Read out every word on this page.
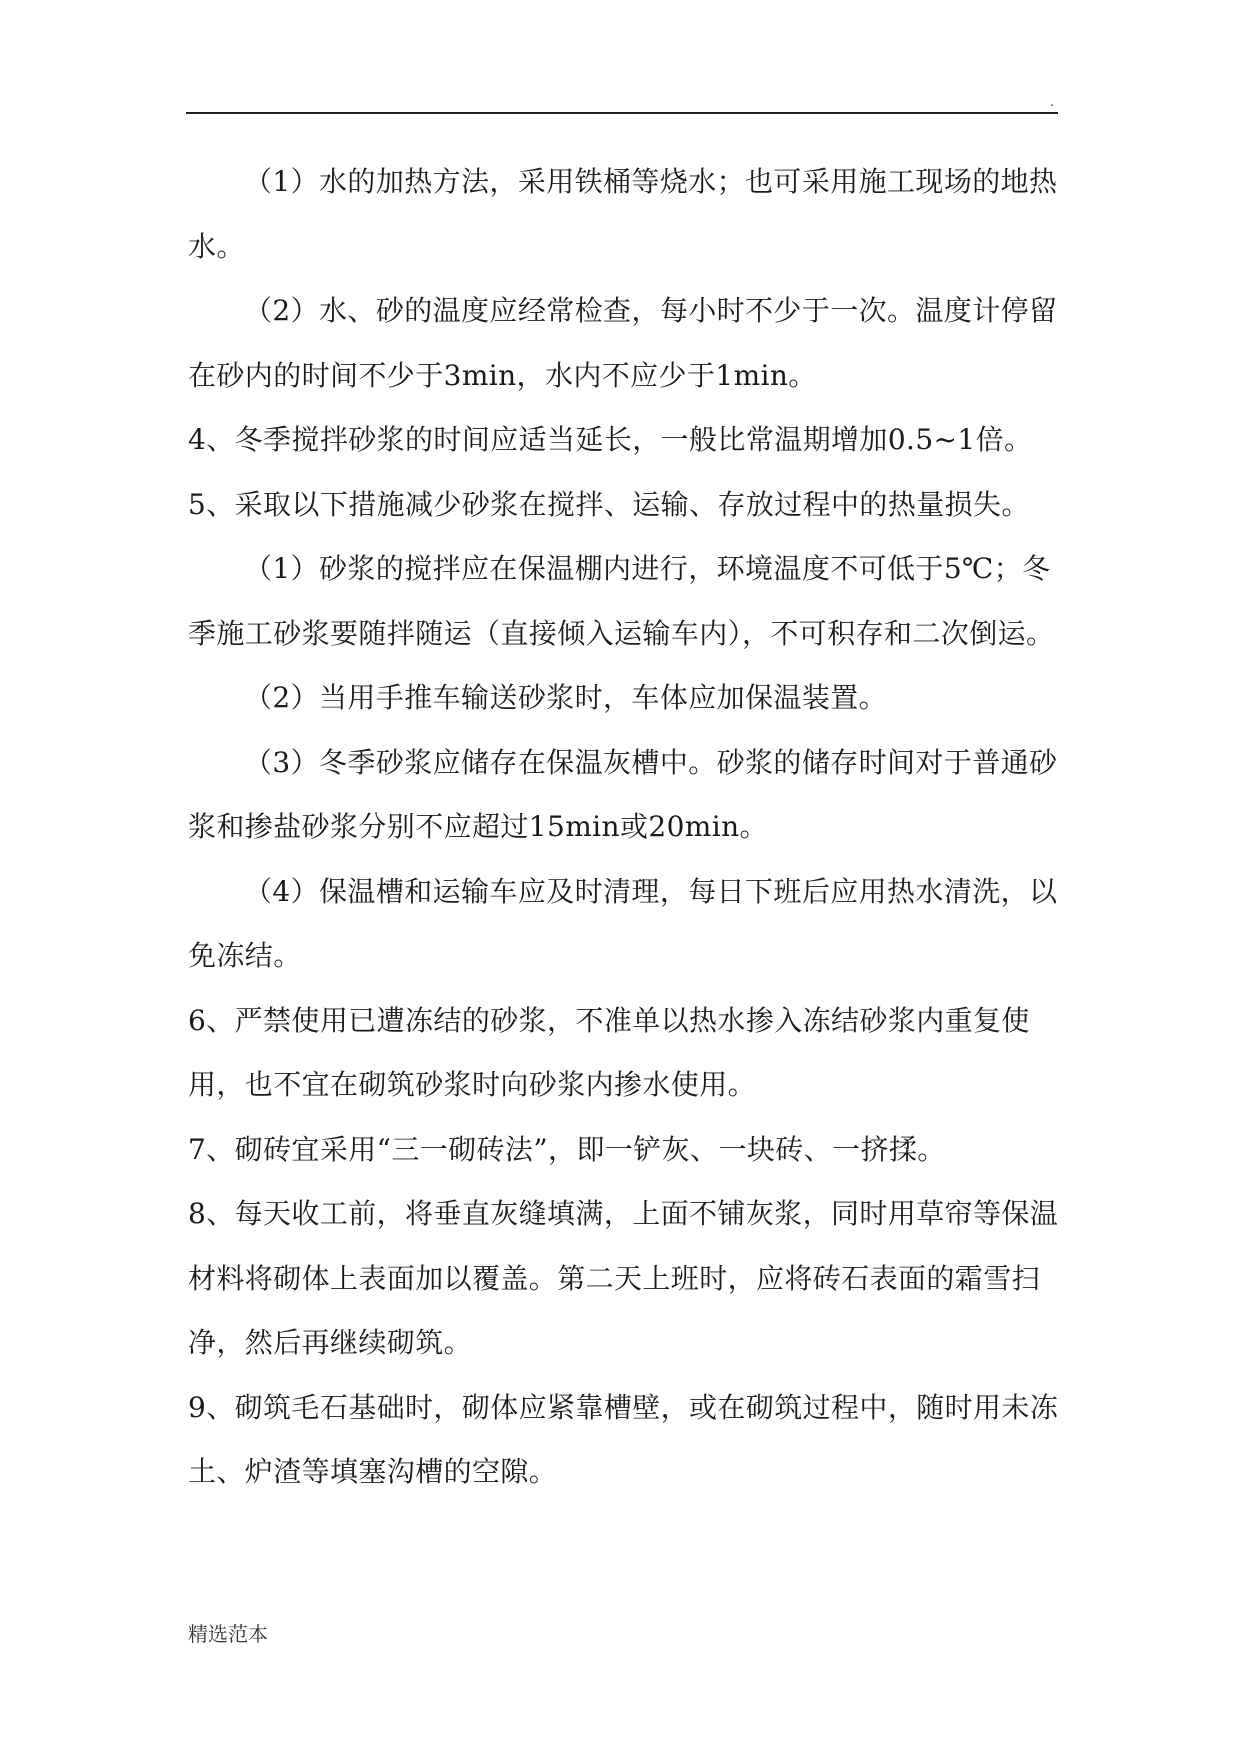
.

（1）水的加热方法，采用铁桶等烧水；也可采用施工现场的地热水。

（2）水、砂的温度应经常检查，每小时不少于一次。温度计停留在砂内的时间不少于3min，水内不应少于1min。

4、冬季搅拌砂浆的时间应适当延长，一般比常温期增加0.5~1倍。

5、采取以下措施减少砂浆在搅拌、运输、存放过程中的热量损失。

（1）砂浆的搅拌应在保温棚内进行，环境温度不可低于5℃；冬季施工砂浆要随拌随运（直接倾入运输车内），不可积存和二次倒运。

（2）当用手推车输送砂浆时，车体应加保温装置。

（3）冬季砂浆应储存在保温灰槽中。砂浆的储存时间对于普通砂浆和掺盐砂浆分别不应超过15min或20min。

（4）保温槽和运输车应及时清理，每日下班后应用热水清洗，以免冻结。

6、严禁使用已遭冻结的砂浆，不准单以热水掺入冻结砂浆内重复使用，也不宜在砌筑砂浆时向砂浆内掺水使用。

7、砌砖宜采用“三一砌砖法”，即一铲灰、一块砖、一挤揉。

8、每天收工前，将垂直灰缝填满，上面不铺灰浆，同时用草帘等保温材料将砌体上表面加以覆盖。第二天上班时，应将砖石表面的霜雪扫净，然后再继续砌筑。

9、砌筑毛石基础时，砌体应紧靠槽壁，或在砌筑过程中，随时用未冻土、炉渣等填塞沟槽的空隙。

精选范本
